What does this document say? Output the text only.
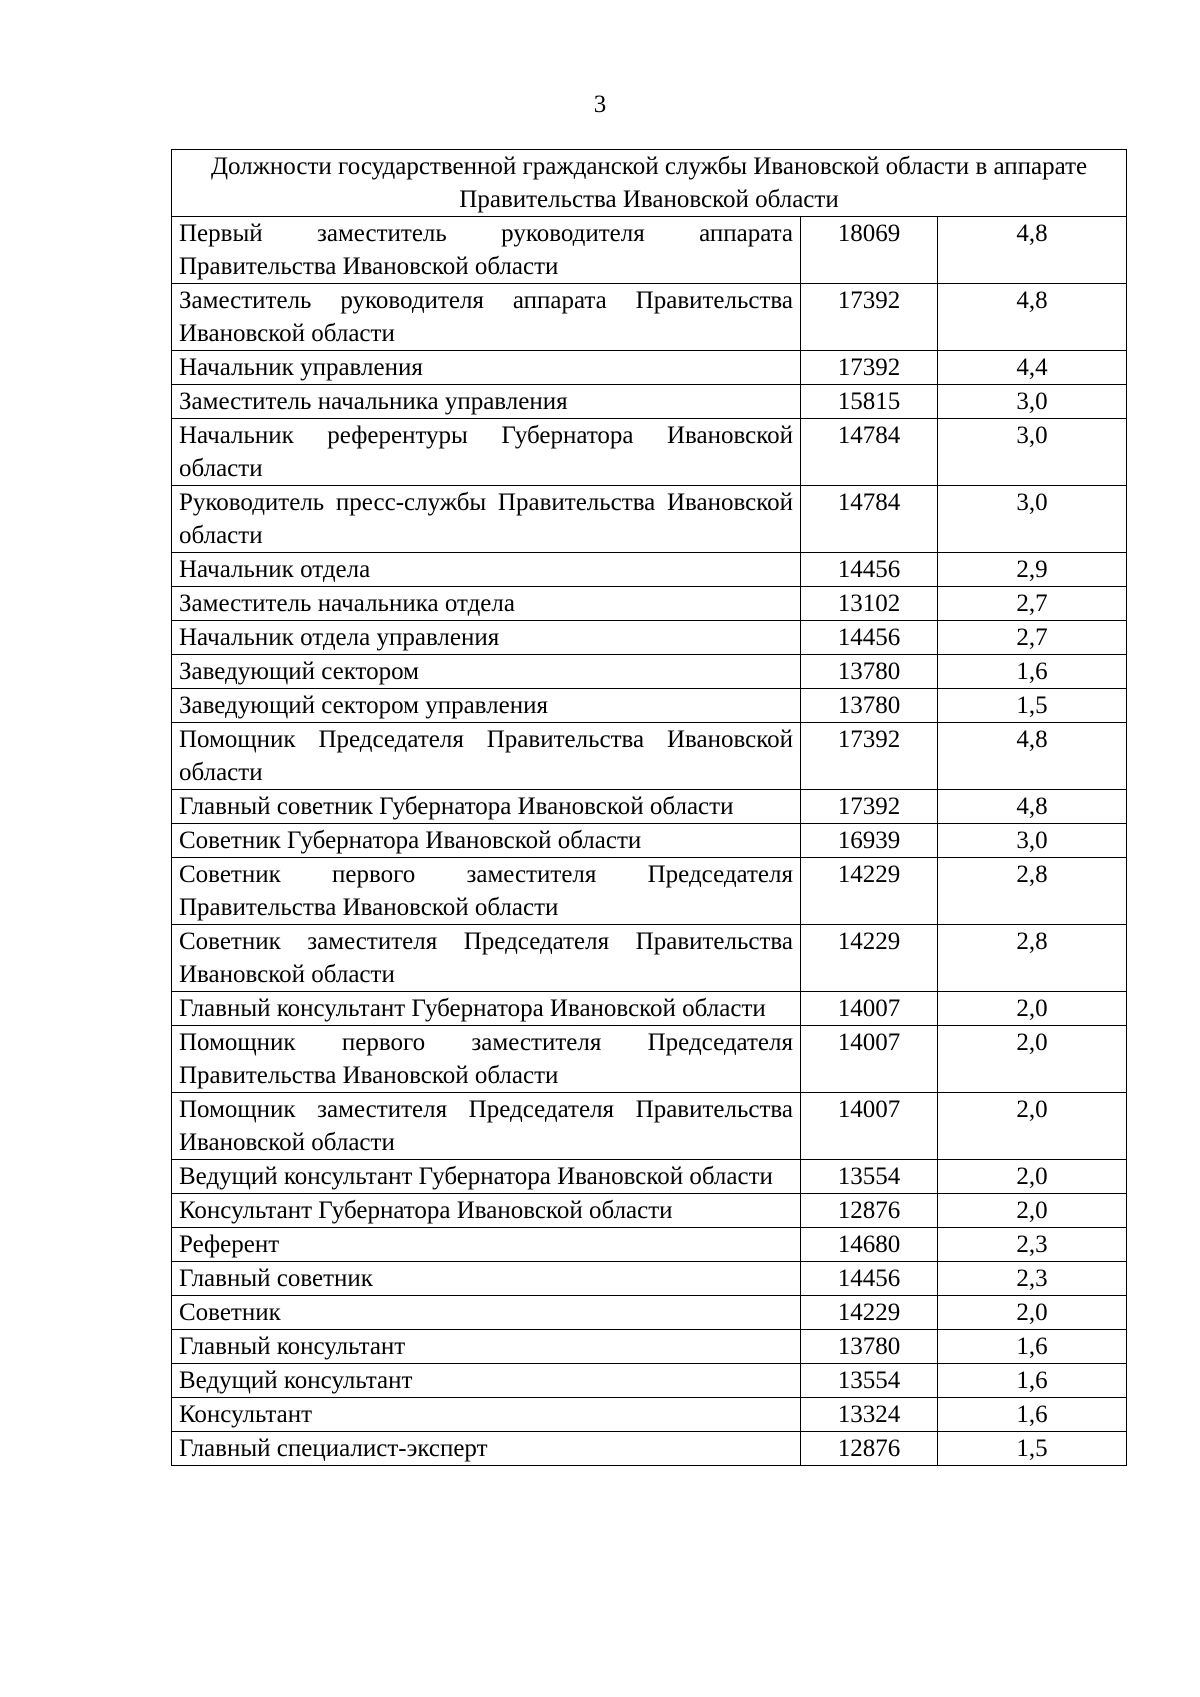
3
Должности государственной гражданской службы Ивановской области в аппарате Правительства Ивановской области		
Первый заместитель руководителя аппарата Правительства Ивановской области	18069	4,8
Заместитель руководителя аппарата Правительства Ивановской области	17392	4,8
Начальник управления	17392	4,4
Заместитель начальника управления	15815	3,0
Начальник референтуры Губернатора Ивановской области	14784	3,0
Руководитель пресс-службы Правительства Ивановской области	14784	3,0
Начальник отдела	14456	2,9
Заместитель начальника отдела	13102	2,7
Начальник отдела управления	14456	2,7
Заведующий сектором	13780	1,6
Заведующий сектором управления	13780	1,5
Помощник Председателя Правительства Ивановской области	17392	4,8
Главный советник Губернатора Ивановской области	17392	4,8
Советник Губернатора Ивановской области	16939	3,0
Советник первого заместителя Председателя Правительства Ивановской области	14229	2,8
Советник заместителя Председателя Правительства Ивановской области	14229	2,8
Главный консультант Губернатора Ивановской области	14007	2,0
Помощник первого заместителя Председателя Правительства Ивановской области	14007	2,0
Помощник заместителя Председателя Правительства Ивановской области	14007	2,0
Ведущий консультант Губернатора Ивановской области	13554	2,0
Консультант Губернатора Ивановской области	12876	2,0
Референт	14680	2,3
Главный советник	14456	2,3
Советник	14229	2,0
Главный консультант	13780	1,6
Ведущий консультант	13554	1,6
Консультант	13324	1,6
Главный специалист-эксперт	12876	1,5
